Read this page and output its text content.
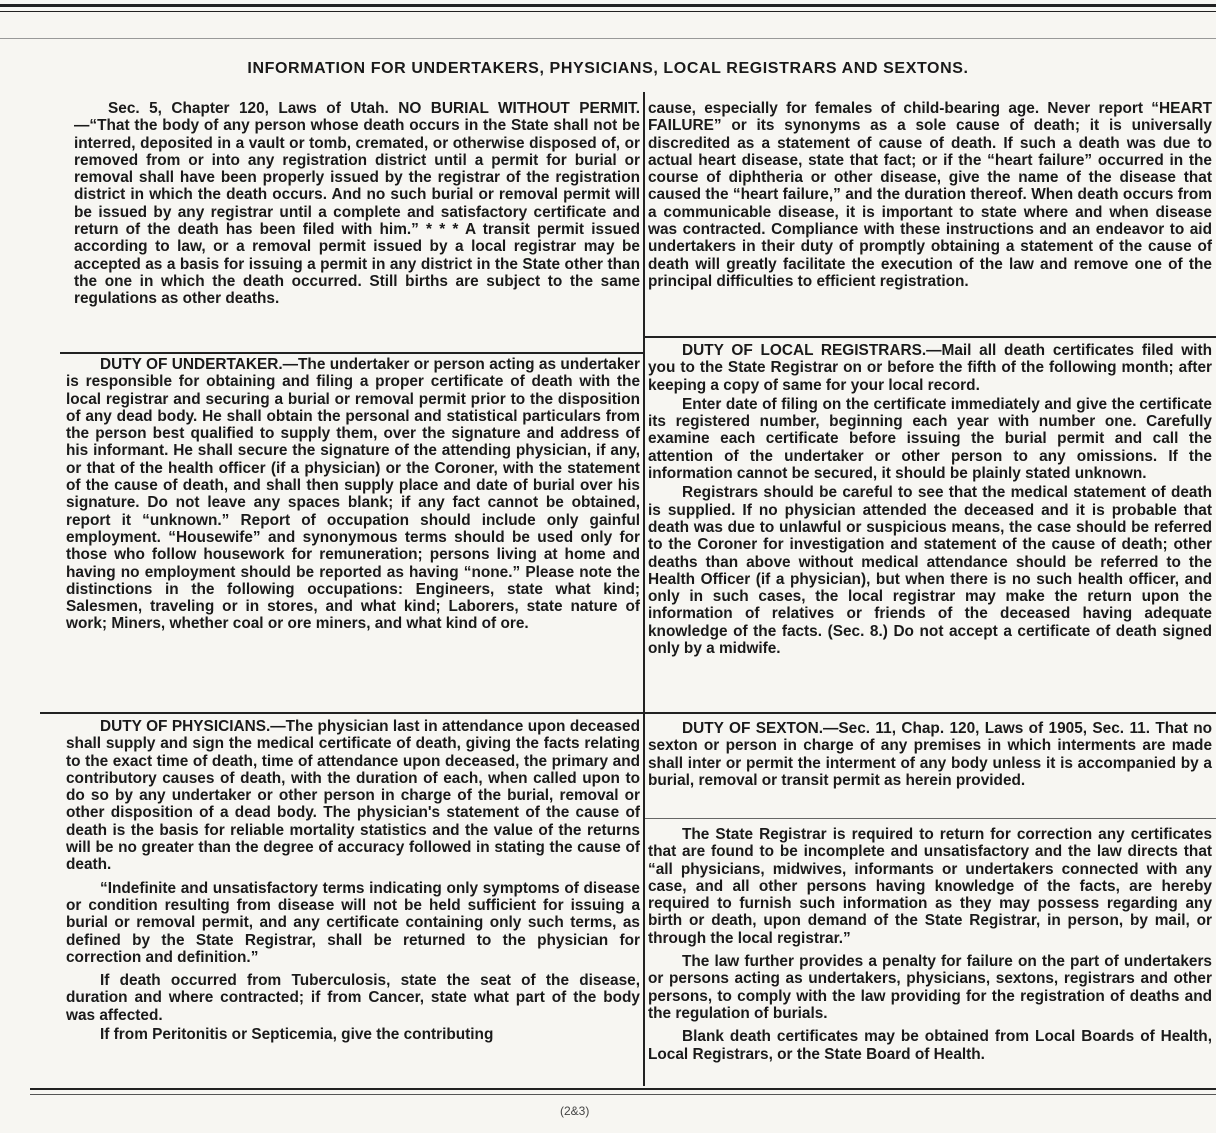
INFORMATION FOR UNDERTAKERS, PHYSICIANS, LOCAL REGISTRARS AND SEXTONS.

Sec. 5, Chapter 120, Laws of Utah. NO BURIAL WITHOUT PERMIT.—“That the body of any person whose death occurs in the State shall not be interred, deposited in a vault or tomb, cremated, or otherwise disposed of, or removed from or into any registration district until a permit for burial or removal shall have been properly issued by the registrar of the registration district in which the death occurs. And no such burial or removal permit will be issued by any registrar until a complete and satisfactory certificate and return of the death has been filed with him.” * * * A transit permit issued according to law, or a removal permit issued by a local registrar may be accepted as a basis for issuing a permit in any district in the State other than the one in which the death occurred. Still births are subject to the same regulations as other deaths.

DUTY OF UNDERTAKER.—The undertaker or person acting as undertaker is responsible for obtaining and filing a proper certificate of death with the local registrar and securing a burial or removal permit prior to the disposition of any dead body. He shall obtain the personal and statistical particulars from the person best qualified to supply them, over the signature and address of his informant. He shall secure the signature of the attending physician, if any, or that of the health officer (if a physician) or the Coroner, with the statement of the cause of death, and shall then supply place and date of burial over his signature. Do not leave any spaces blank; if any fact cannot be obtained, report it “unknown.” Report of occupation should include only gainful employment. “Housewife” and synonymous terms should be used only for those who follow housework for remuneration; persons living at home and having no employment should be reported as having “none.” Please note the distinctions in the following occupations: Engineers, state what kind; Salesmen, traveling or in stores, and what kind; Laborers, state nature of work; Miners, whether coal or ore miners, and what kind of ore.

DUTY OF PHYSICIANS.—The physician last in attendance upon deceased shall supply and sign the medical certificate of death, giving the facts relating to the exact time of death, time of attendance upon deceased, the primary and contributory causes of death, with the duration of each, when called upon to do so by any undertaker or other person in charge of the burial, removal or other disposition of a dead body. The physician's statement of the cause of death is the basis for reliable mortality statistics and the value of the returns will be no greater than the degree of accuracy followed in stating the cause of death.

“Indefinite and unsatisfactory terms indicating only symptoms of disease or condition resulting from disease will not be held sufficient for issuing a burial or removal permit, and any certificate containing only such terms, as defined by the State Registrar, shall be returned to the physician for correction and definition.”

If death occurred from Tuberculosis, state the seat of the disease, duration and where contracted; if from Cancer, state what part of the body was affected.

If from Peritonitis or Septicemia, give the contributing

cause, especially for females of child-bearing age. Never report “HEART FAILURE” or its synonyms as a sole cause of death; it is universally discredited as a statement of cause of death. If such a death was due to actual heart disease, state that fact; or if the “heart failure” occurred in the course of diphtheria or other disease, give the name of the disease that caused the “heart failure,” and the duration thereof. When death occurs from a communicable disease, it is important to state where and when disease was contracted. Compliance with these instructions and an endeavor to aid undertakers in their duty of promptly obtaining a statement of the cause of death will greatly facilitate the execution of the law and remove one of the principal difficulties to efficient registration.

DUTY OF LOCAL REGISTRARS.—Mail all death certificates filed with you to the State Registrar on or before the fifth of the following month; after keeping a copy of same for your local record.

Enter date of filing on the certificate immediately and give the certificate its registered number, beginning each year with number one. Carefully examine each certificate before issuing the burial permit and call the attention of the undertaker or other person to any omissions. If the information cannot be secured, it should be plainly stated unknown.

Registrars should be careful to see that the medical statement of death is supplied. If no physician attended the deceased and it is probable that death was due to unlawful or suspicious means, the case should be referred to the Coroner for investigation and statement of the cause of death; other deaths than above without medical attendance should be referred to the Health Officer (if a physician), but when there is no such health officer, and only in such cases, the local registrar may make the return upon the information of relatives or friends of the deceased having adequate knowledge of the facts. (Sec. 8.) Do not accept a certificate of death signed only by a midwife.

DUTY OF SEXTON.—Sec. 11, Chap. 120, Laws of 1905, Sec. 11. That no sexton or person in charge of any premises in which interments are made shall inter or permit the interment of any body unless it is accompanied by a burial, removal or transit permit as herein provided.

The State Registrar is required to return for correction any certificates that are found to be incomplete and unsatisfactory and the law directs that “all physicians, midwives, informants or undertakers connected with any case, and all other persons having knowledge of the facts, are hereby required to furnish such information as they may possess regarding any birth or death, upon demand of the State Registrar, in person, by mail, or through the local registrar.”

The law further provides a penalty for failure on the part of undertakers or persons acting as undertakers, physicians, sextons, registrars and other persons, to comply with the law providing for the registration of deaths and the regulation of burials.

Blank death certificates may be obtained from Local Boards of Health, Local Registrars, or the State Board of Health.

(2&3)
